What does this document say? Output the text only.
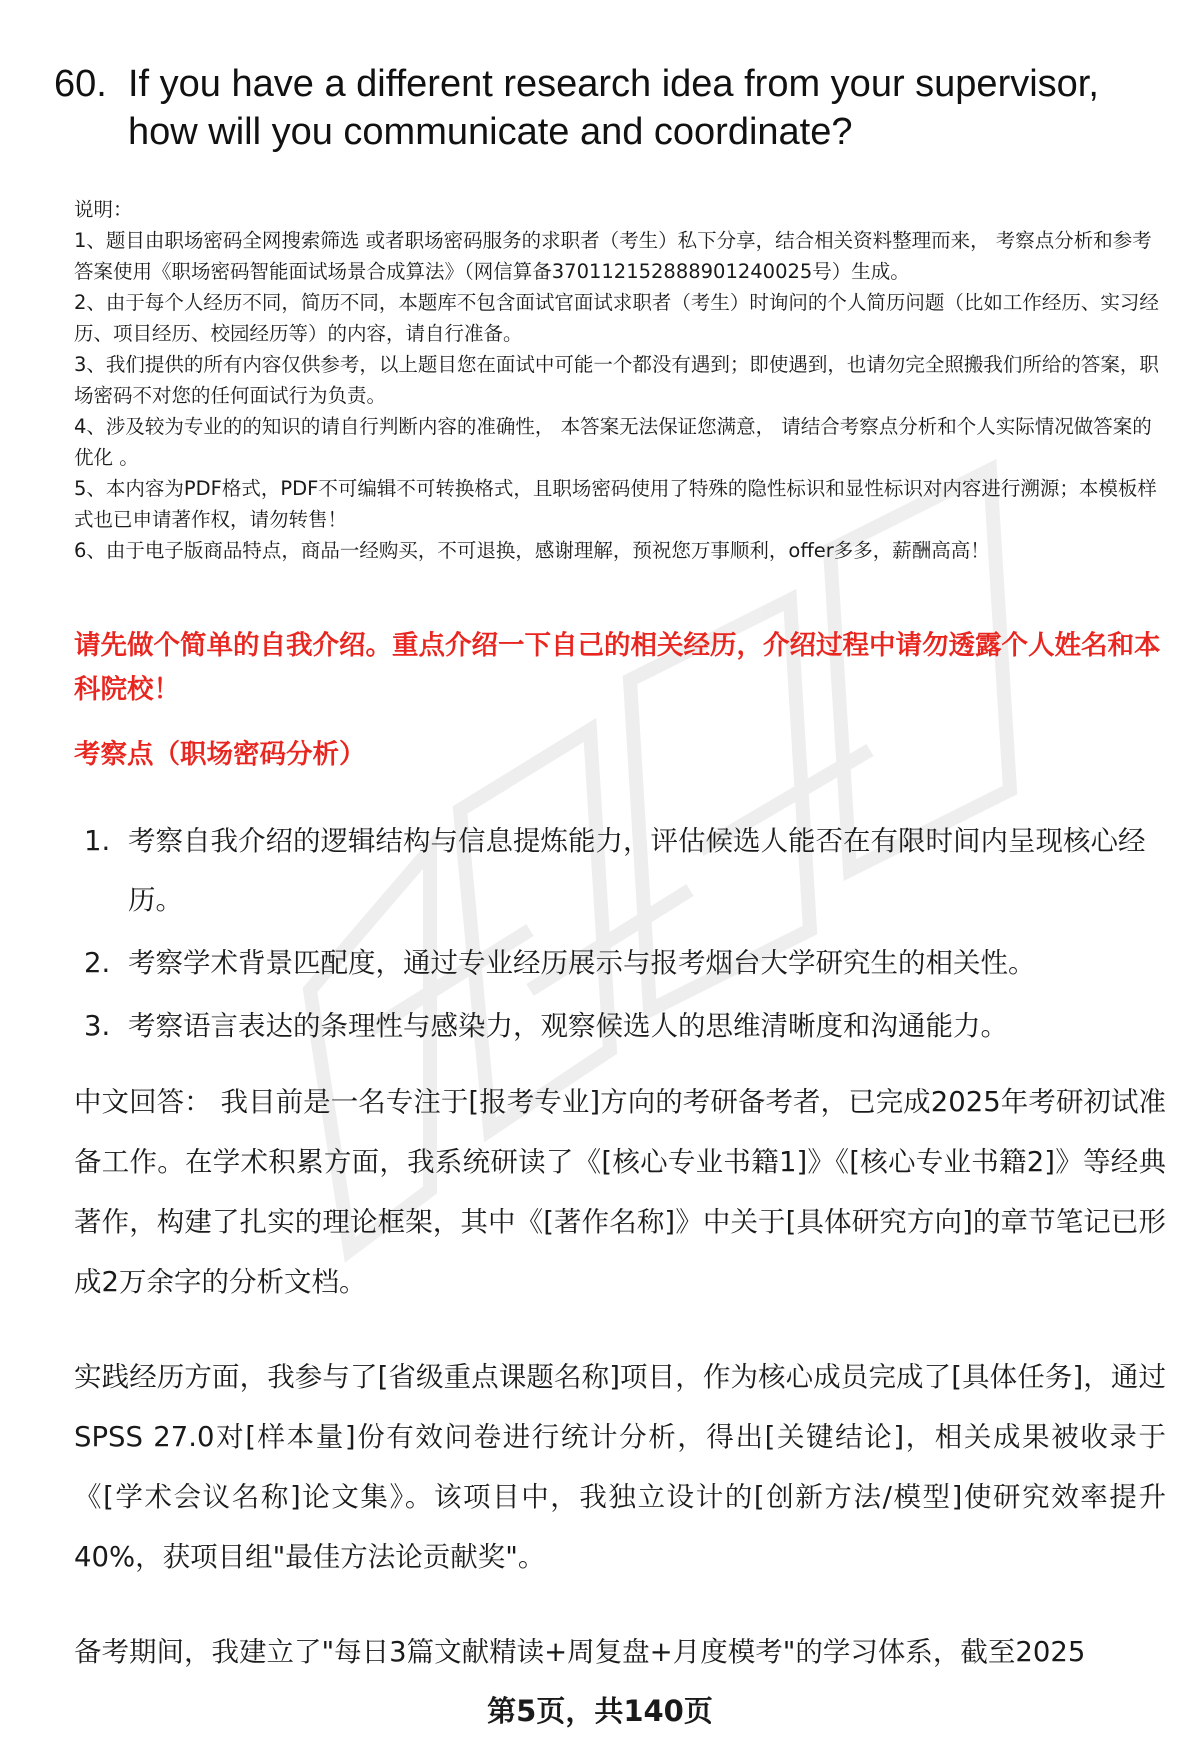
60. If you have a different research idea from your supervisor, how will you communicate and coordinate?
说明：
1、题目由职场密码全网搜索筛选 或者职场密码服务的求职者（考生）私下分享，结合相关资料整理而来， 考察点分析和参考答案使用《职场密码智能面试场景合成算法》（网信算备370112152888901240025号）生成。
2、由于每个人经历不同，简历不同，本题库不包含面试官面试求职者（考生）时询问的个人简历问题（比如工作经历、实习经历、项目经历、校园经历等）的内容，请自行准备。
3、我们提供的所有内容仅供参考，以上题目您在面试中可能一个都没有遇到；即使遇到，也请勿完全照搬我们所给的答案，职场密码不对您的任何面试行为负责。
4、涉及较为专业的的知识的请自行判断内容的准确性， 本答案无法保证您满意， 请结合考察点分析和个人实际情况做答案的优化 。
5、本内容为PDF格式，PDF不可编辑不可转换格式，且职场密码使用了特殊的隐性标识和显性标识对内容进行溯源；本模板样式也已申请著作权，请勿转售！
6、由于电子版商品特点，商品一经购买，不可退换，感谢理解，预祝您万事顺利，offer多多，薪酬高高！
请先做个简单的自我介绍。重点介绍一下自己的相关经历，介绍过程中请勿透露个人姓名和本科院校！
考察点（职场密码分析）
1. 考察自我介绍的逻辑结构与信息提炼能力，评估候选人能否在有限时间内呈现核心经历。
2. 考察学术背景匹配度，通过专业经历展示与报考烟台大学研究生的相关性。
3. 考察语言表达的条理性与感染力，观察候选人的思维清晰度和沟通能力。
中文回答： 我目前是一名专注于[报考专业]方向的考研备考者，已完成2025年考研初试准备工作。在学术积累方面，我系统研读了《[核心专业书籍1]》《[核心专业书籍2]》等经典著作，构建了扎实的理论框架，其中《[著作名称]》中关于[具体研究方向]的章节笔记已形成2万余字的分析文档。
实践经历方面，我参与了[省级重点课题名称]项目，作为核心成员完成了[具体任务]，通过SPSS 27.0对[样本量]份有效问卷进行统计分析，得出[关键结论]，相关成果被收录于《[学术会议名称]论文集》。该项目中，我独立设计的[创新方法/模型]使研究效率提升40%，获项目组"最佳方法论贡献奖"。
备考期间，我建立了"每日3篇文献精读+周复盘+月度模考"的学习体系，截至2025
第5页，共140页
